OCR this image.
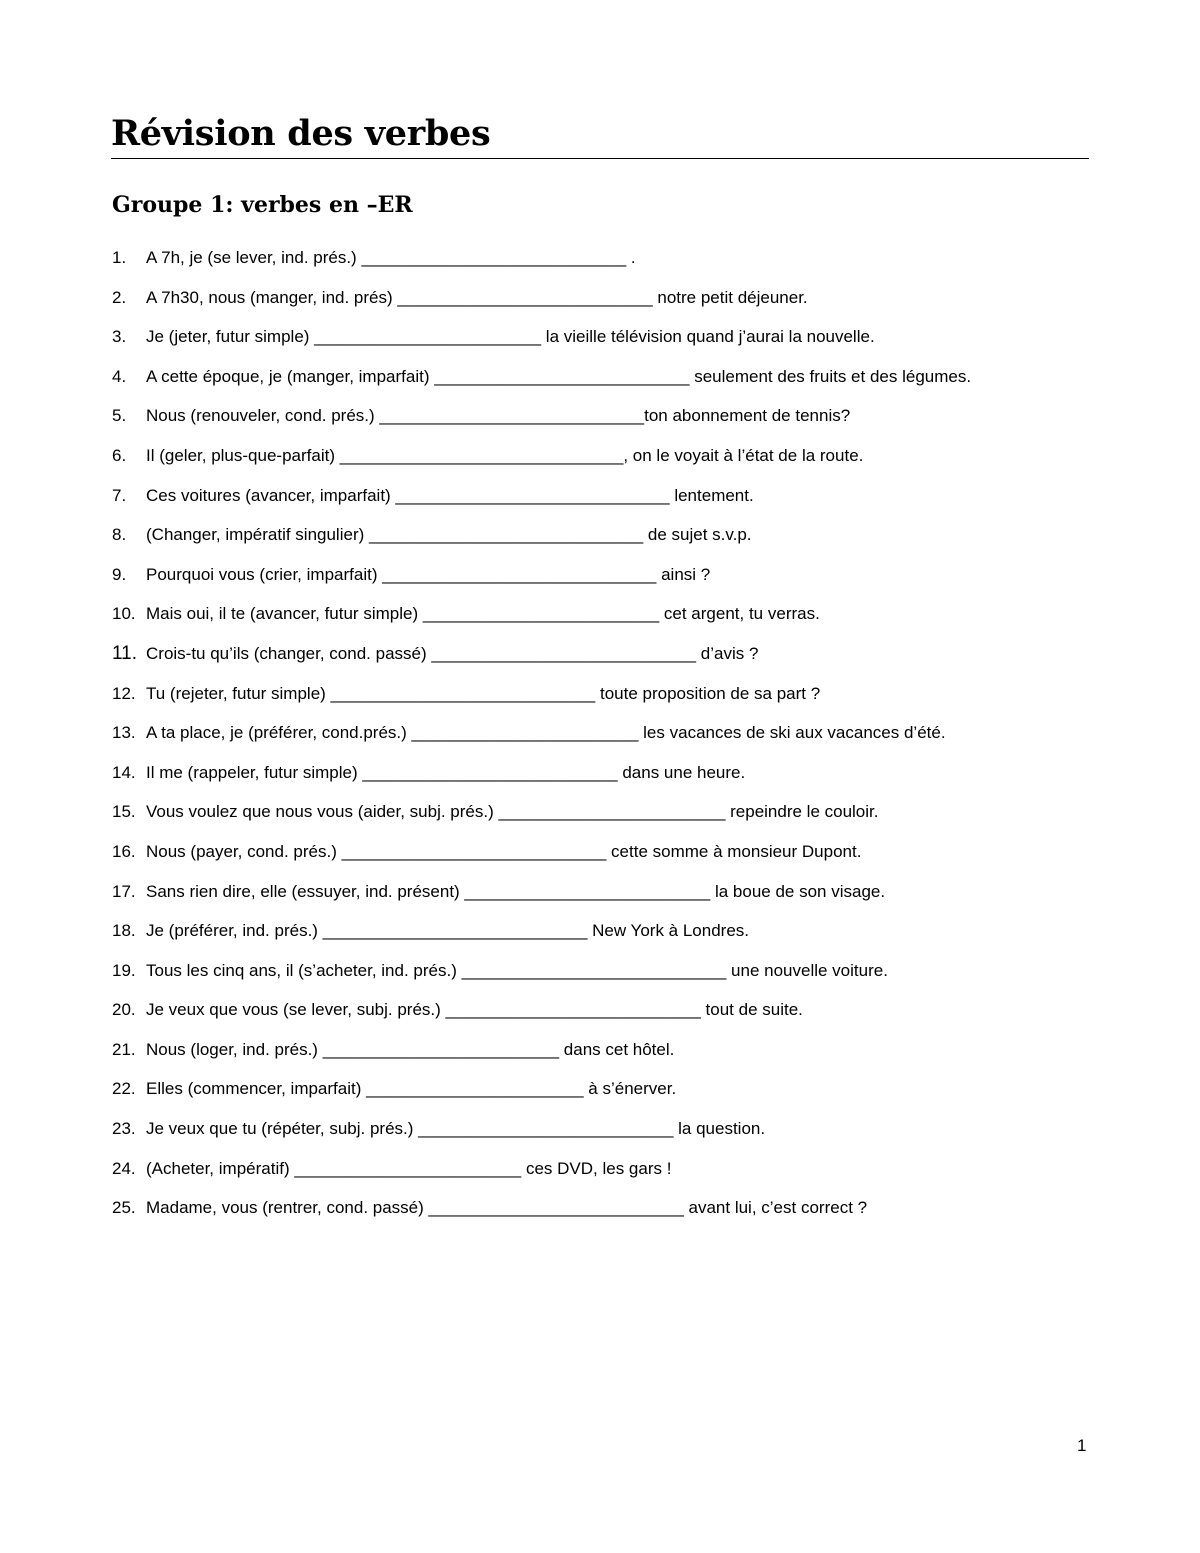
Révision des verbes
Groupe 1: verbes en –ER
1.	A 7h, je (se lever, ind. prés.) ____________________________ .
2.	A 7h30, nous (manger, ind. prés) ___________________________ notre petit déjeuner.
3.	Je (jeter, futur simple) ________________________ la vieille télévision quand j’aurai la nouvelle.
4.	A cette époque, je (manger, imparfait) ___________________________ seulement des fruits et des légumes.
5.	Nous (renouveler, cond. prés.) ____________________________ton abonnement de tennis?
6.	Il (geler, plus-que-parfait) ______________________________, on le voyait à l’état de la route.
7.	Ces voitures (avancer, imparfait) _____________________________ lentement.
8.	(Changer, impératif singulier) _____________________________ de sujet s.v.p.
9.	Pourquoi vous (crier, imparfait) _____________________________ ainsi ?
10. Mais oui, il te (avancer, futur simple) _________________________ cet argent, tu verras.
11. Crois-tu qu’ils (changer, cond. passé) ____________________________ d’avis ?
12. Tu (rejeter, futur simple) ____________________________ toute proposition de sa part ?
13. A ta place, je (préférer, cond.prés.) ________________________ les vacances de ski aux vacances d’été.
14. Il me (rappeler, futur simple) ___________________________ dans une heure.
15. Vous voulez que nous vous (aider, subj. prés.) ________________________ repeindre le couloir.
16. Nous (payer, cond. prés.) ____________________________ cette somme à monsieur Dupont.
17. Sans rien dire, elle (essuyer, ind. présent) __________________________ la boue de son visage.
18. Je (préférer, ind. prés.) ____________________________ New York à Londres.
19. Tous les cinq ans, il (s’acheter, ind. prés.) ____________________________ une nouvelle voiture.
20. Je veux que vous (se lever, subj. prés.) ___________________________ tout de suite.
21. Nous (loger, ind. prés.) _________________________ dans cet hôtel.
22. Elles (commencer, imparfait) _______________________ à s’énerver.
23. Je veux que tu (répéter, subj. prés.) ___________________________ la question.
24. (Acheter, impératif) ________________________ ces DVD, les gars !
25. Madame, vous (rentrer, cond. passé) ___________________________ avant lui, c’est correct ?
1
